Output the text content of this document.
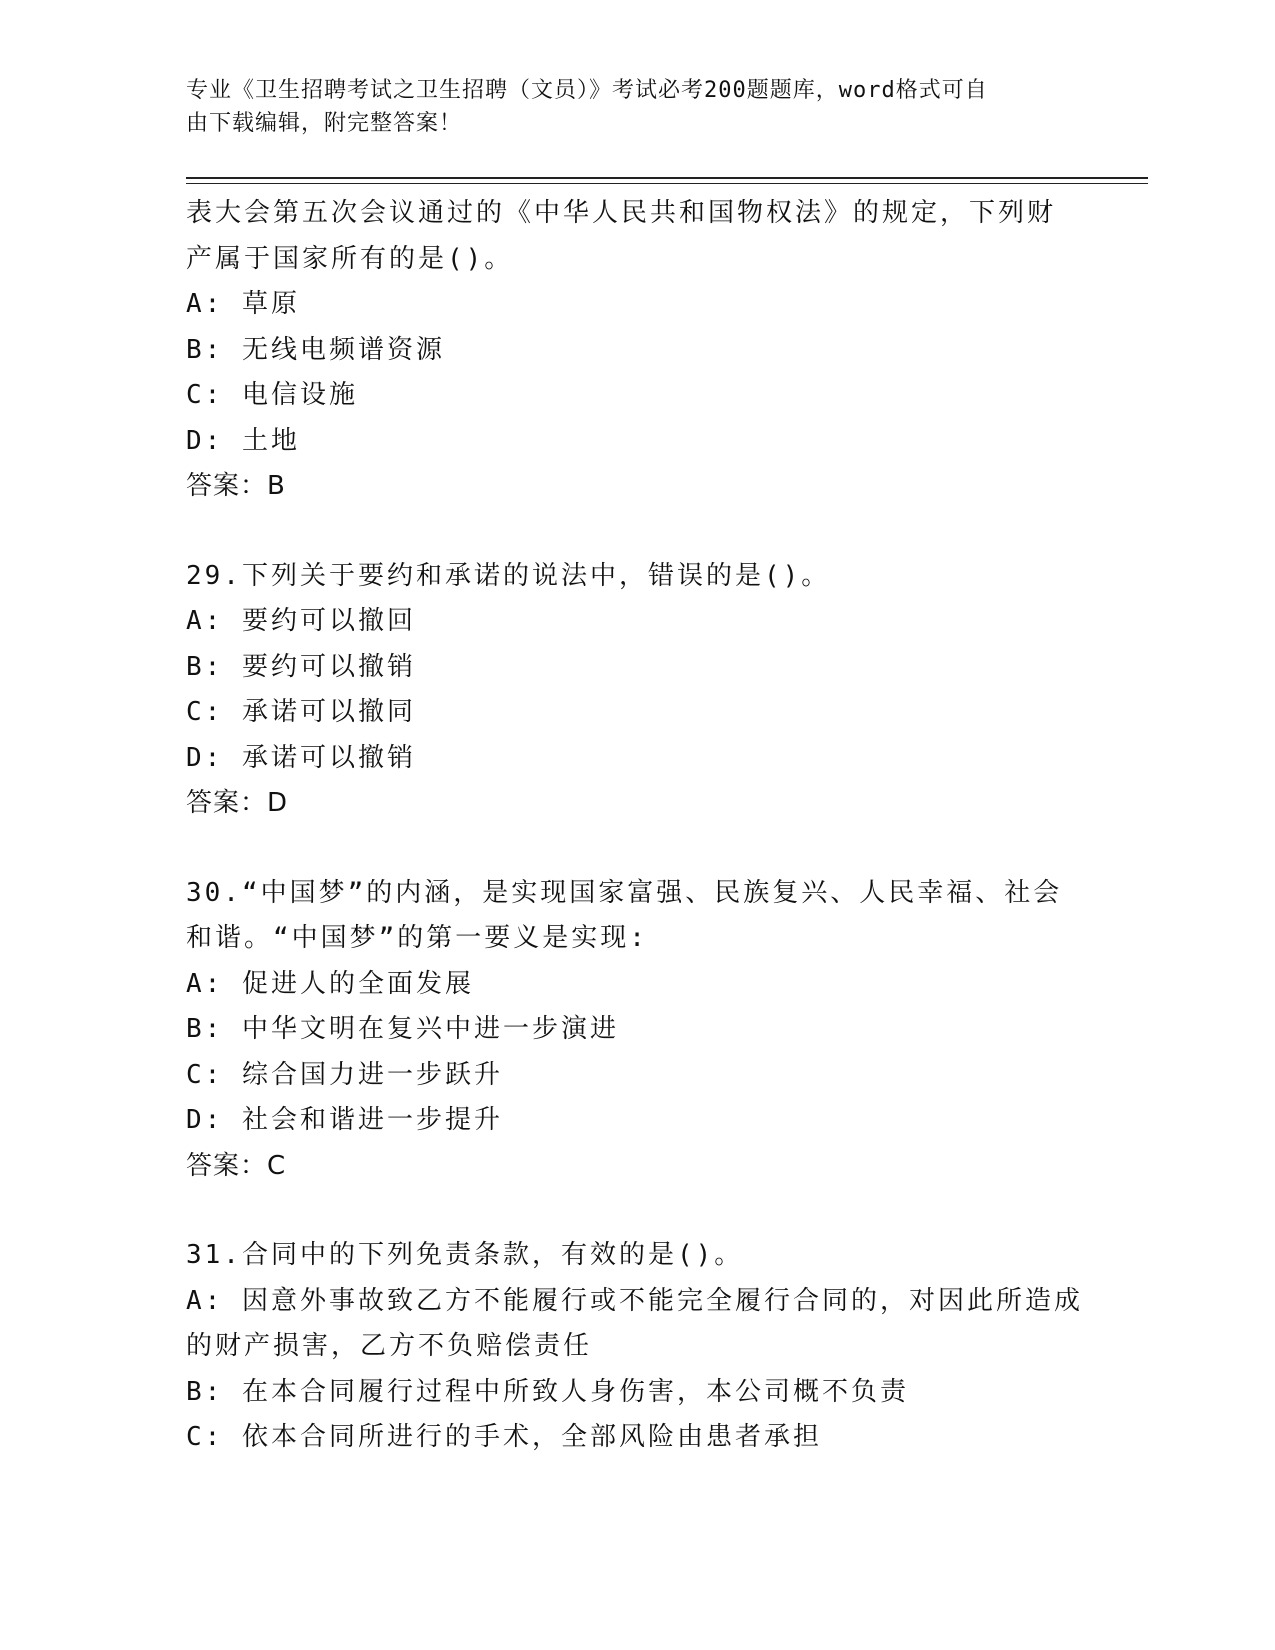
专业《卫生招聘考试之卫生招聘（文员）》考试必考200题题库，word格式可自
由下载编辑，附完整答案！
表大会第五次会议通过的《中华人民共和国物权法》的规定，下列财
产属于国家所有的是()。
A: 草原
B: 无线电频谱资源
C: 电信设施
D: 土地
答案：B
29.下列关于要约和承诺的说法中，错误的是()。
A: 要约可以撤回
B: 要约可以撤销
C: 承诺可以撤同
D: 承诺可以撤销
答案：D
30.“中国梦”的内涵，是实现国家富强、民族复兴、人民幸福、社会
和谐。“中国梦”的第一要义是实现:
A: 促进人的全面发展
B: 中华文明在复兴中进一步演进
C: 综合国力进一步跃升
D: 社会和谐进一步提升
答案：C
31.合同中的下列免责条款，有效的是()。
A: 因意外事故致乙方不能履行或不能完全履行合同的，对因此所造成
的财产损害，乙方不负赔偿责任
B: 在本合同履行过程中所致人身伤害，本公司概不负责
C: 依本合同所进行的手术，全部风险由患者承担
